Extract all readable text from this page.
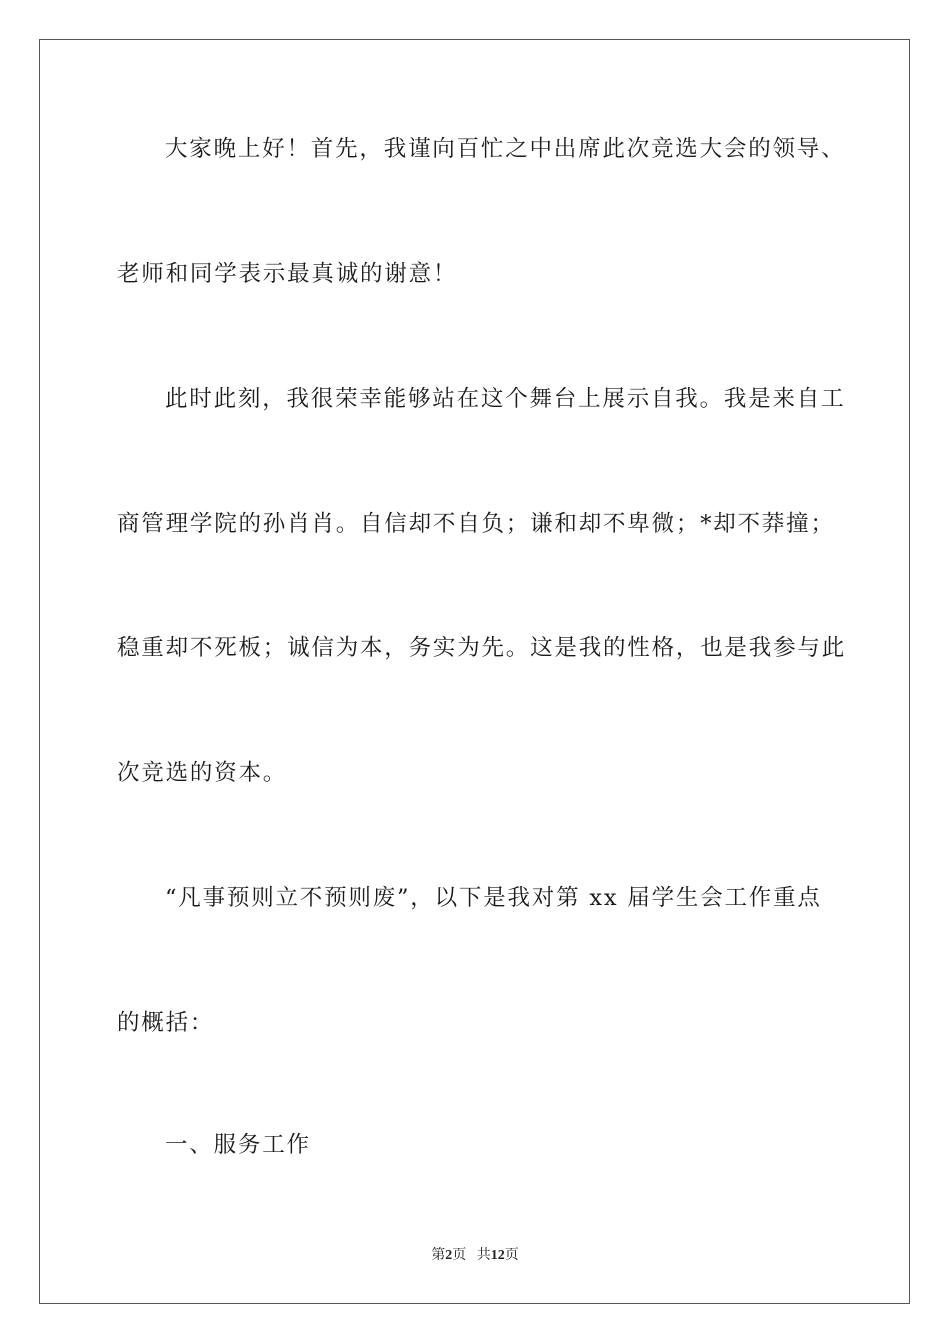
大家晚上好！首先，我谨向百忙之中出席此次竞选大会的领导、
老师和同学表示最真诚的谢意！
此时此刻，我很荣幸能够站在这个舞台上展示自我。我是来自工
商管理学院的孙肖肖。自信却不自负；谦和却不卑微；*却不莽撞；
稳重却不死板；诚信为本，务实为先。这是我的性格，也是我参与此
次竞选的资本。
“凡事预则立不预则废”，以下是我对第 xx 届学生会工作重点
的概括：
一、服务工作
第2页 共12页
